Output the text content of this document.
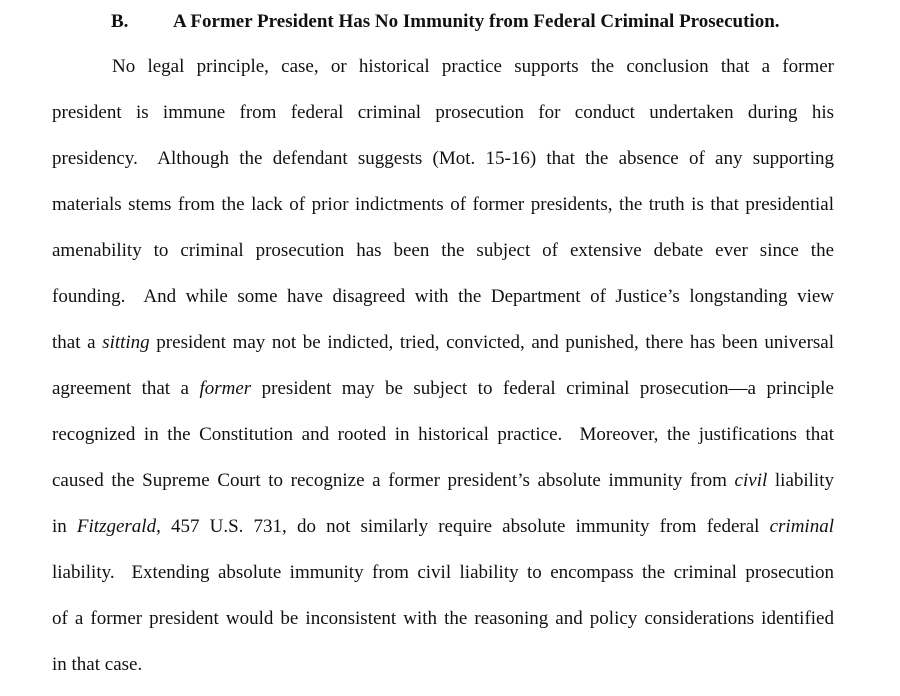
B. A Former President Has No Immunity from Federal Criminal Prosecution.
No legal principle, case, or historical practice supports the conclusion that a former
president is immune from federal criminal prosecution for conduct undertaken during his
presidency.  Although the defendant suggests (Mot. 15-16) that the absence of any supporting
materials stems from the lack of prior indictments of former presidents, the truth is that presidential
amenability to criminal prosecution has been the subject of extensive debate ever since the
founding.  And while some have disagreed with the Department of Justice’s longstanding view
that a sitting president may not be indicted, tried, convicted, and punished, there has been universal
agreement that a former president may be subject to federal criminal prosecution—a principle
recognized in the Constitution and rooted in historical practice.  Moreover, the justifications that
caused the Supreme Court to recognize a former president’s absolute immunity from civil liability
in Fitzgerald, 457 U.S. 731, do not similarly require absolute immunity from federal criminal
liability.  Extending absolute immunity from civil liability to encompass the criminal prosecution
of a former president would be inconsistent with the reasoning and policy considerations identified
in that case.
